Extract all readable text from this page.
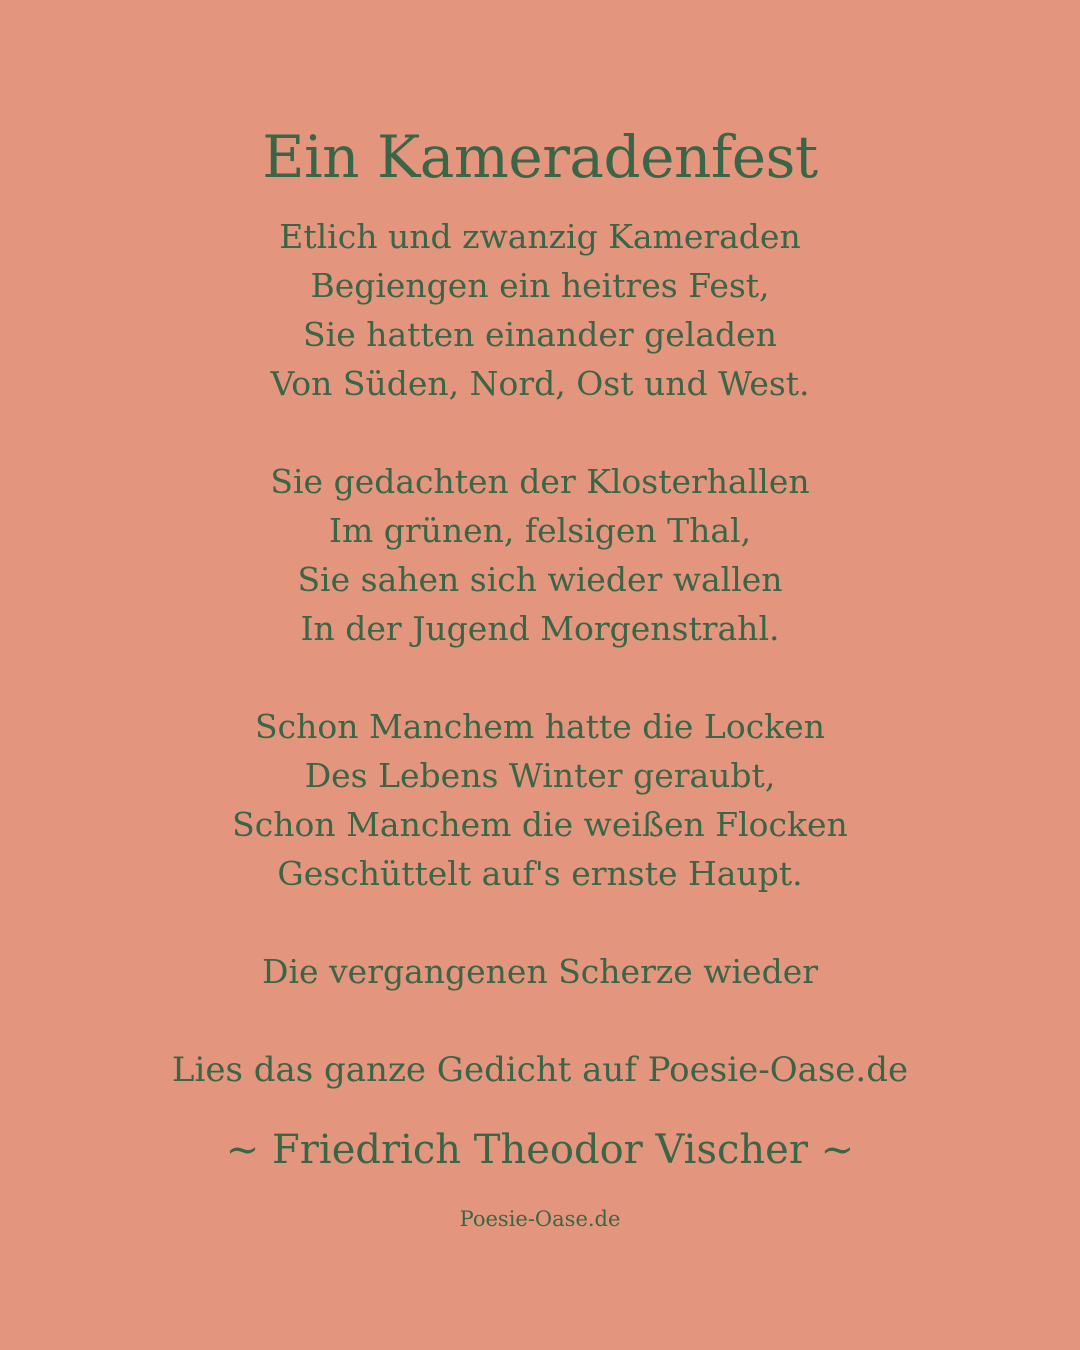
Ein Kameradenfest
Etlich und zwanzig Kameraden
Begiengen ein heitres Fest,
Sie hatten einander geladen
Von Süden, Nord, Ost und West.
Sie gedachten der Klosterhallen
Im grünen, felsigen Thal,
Sie sahen sich wieder wallen
In der Jugend Morgenstrahl.
Schon Manchem hatte die Locken
Des Lebens Winter geraubt,
Schon Manchem die weißen Flocken
Geschüttelt auf's ernste Haupt.
Die vergangenen Scherze wieder
Lies das ganze Gedicht auf Poesie-Oase.de
~ Friedrich Theodor Vischer ~
Poesie-Oase.de
